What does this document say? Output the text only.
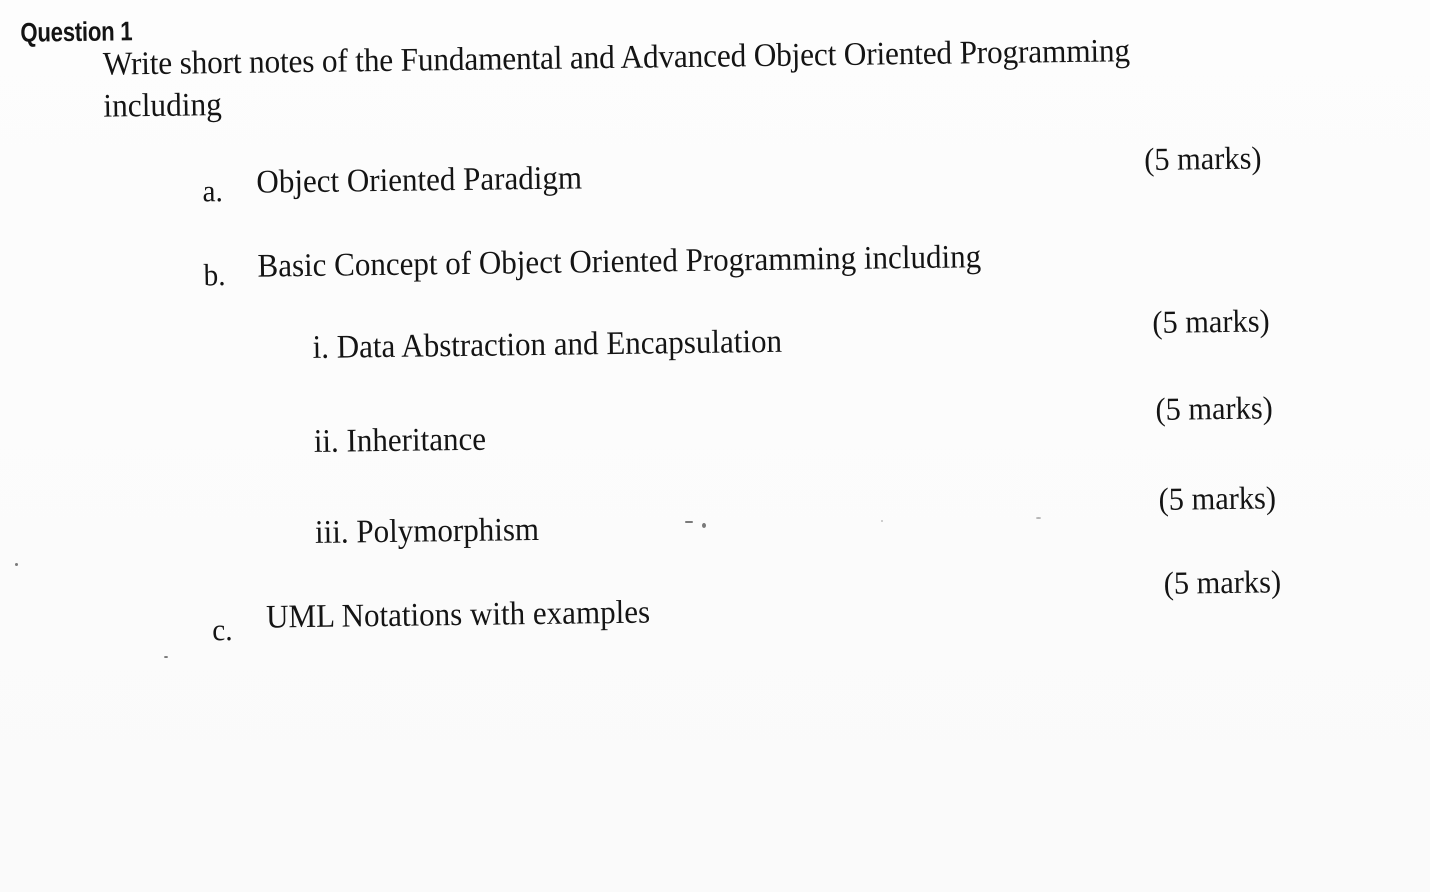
Question 1
Write short notes of the Fundamental and Advanced Object Oriented Programming
including
a. Object Oriented Paradigm
(5 marks)
b. Basic Concept of Object Oriented Programming including
i. Data Abstraction and Encapsulation
(5 marks)
ii. Inheritance
(5 marks)
iii. Polymorphism
(5 marks)
c. UML Notations with examples
(5 marks)
